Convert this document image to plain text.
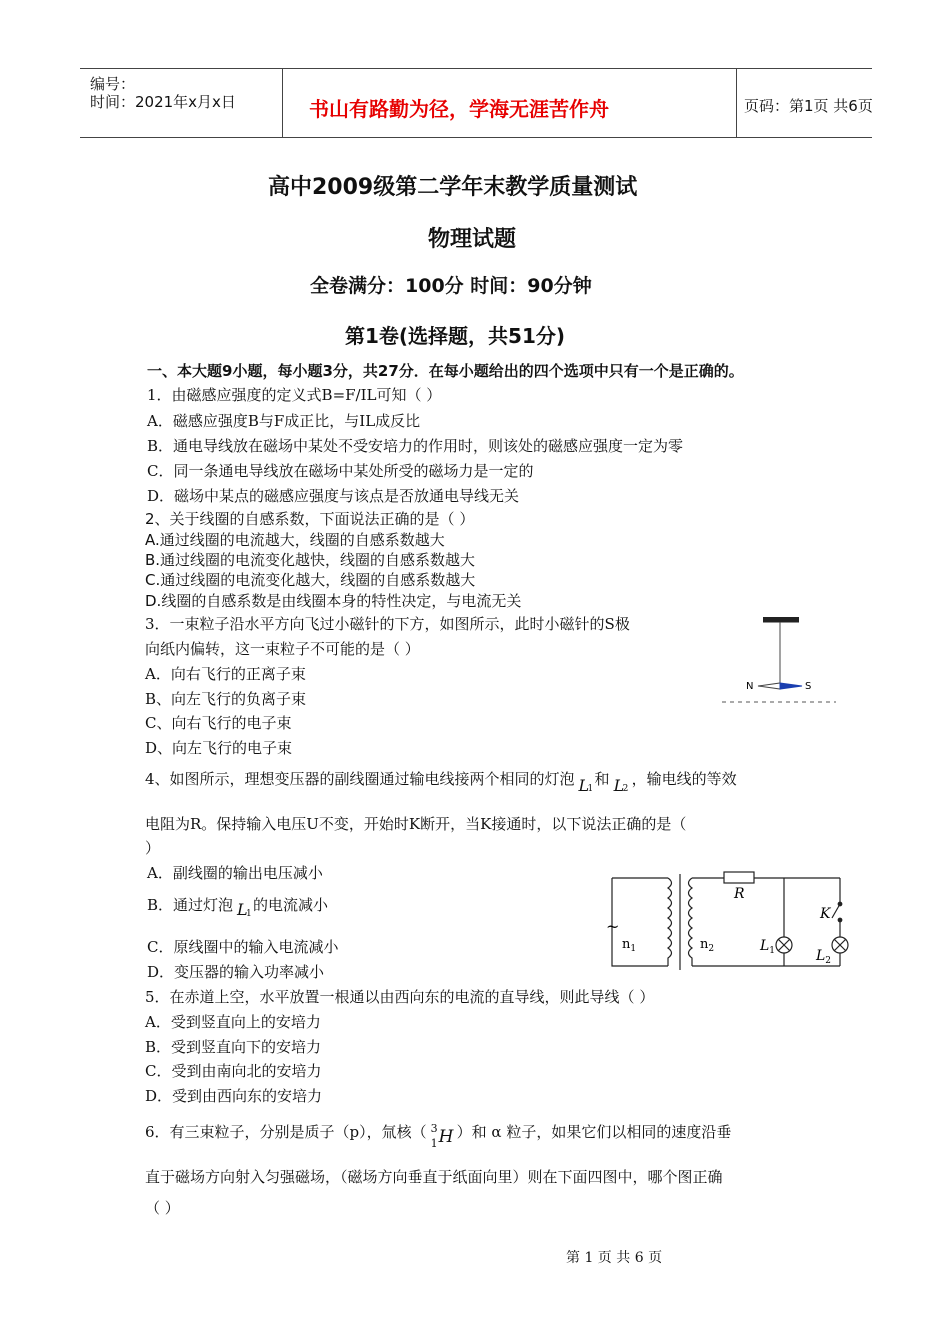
编号：
时间：2021年x月x日	书山有路勤为径，学海无涯苦作舟	页码：第1页 共6页
高中2009级第二学年末教学质量测试
物理试题
全卷满分：100分 时间：90分钟
第1卷(选择题，共51分)
一、本大题9小题，每小题3分，共27分．在每小题给出的四个选项中只有一个是正确的。
1．由磁感应强度的定义式B=F/IL可知（ ）
A．磁感应强度B与F成正比，与IL成反比
B．通电导线放在磁场中某处不受安培力的作用时，则该处的磁感应强度一定为零
C．同一条通电导线放在磁场中某处所受的磁场力是一定的
D．磁场中某点的磁感应强度与该点是否放通电导线无关
2、关于线圈的自感系数，下面说法正确的是（ ）
A.通过线圈的电流越大，线圈的自感系数越大
B.通过线圈的电流变化越快，线圈的自感系数越大
C.通过线圈的电流变化越大，线圈的自感系数越大
D.线圈的自感系数是由线圈本身的特性决定，与电流无关
3．一束粒子沿水平方向飞过小磁针的下方，如图所示，此时小磁针的S极
向纸内偏转，这一束粒子不可能的是（ ）
A．向右飞行的正离子束
B、向左飞行的负离子束
C、向右飞行的电子束
D、向左飞行的电子束
N	S
4、如图所示，理想变压器的副线圈通过输电线接两个相同的灯泡 L
1
和 L
2
，输电线的等效
电阻为R。保持输入电压U不变，开始时K断开，当K接通时，以下说法正确的是（
）
A．副线圈的输出电压减小
B．通过灯泡 L
1 的电流减小
C．原线圈中的输入电流减小
D．变压器的输入功率减小
~
$n_1$	$n_2$
R
K
$L_1$	$L_2$
5．在赤道上空，水平放置一根通以由西向东的电流的直导线，则此导线（ ）
A．受到竖直向上的安培力
B．受到竖直向下的安培力
C．受到由南向北的安培力
D．受到由西向东的安培力
6．有三束粒子，分别是质子（p），氚核（ 3
1 H ）和 α 粒子，如果它们以相同的速度沿垂
直于磁场方向射入匀强磁场，（磁场方向垂直于纸面向里）则在下面四图中，哪个图正确
（ ）
第 1 页 共 6 页
